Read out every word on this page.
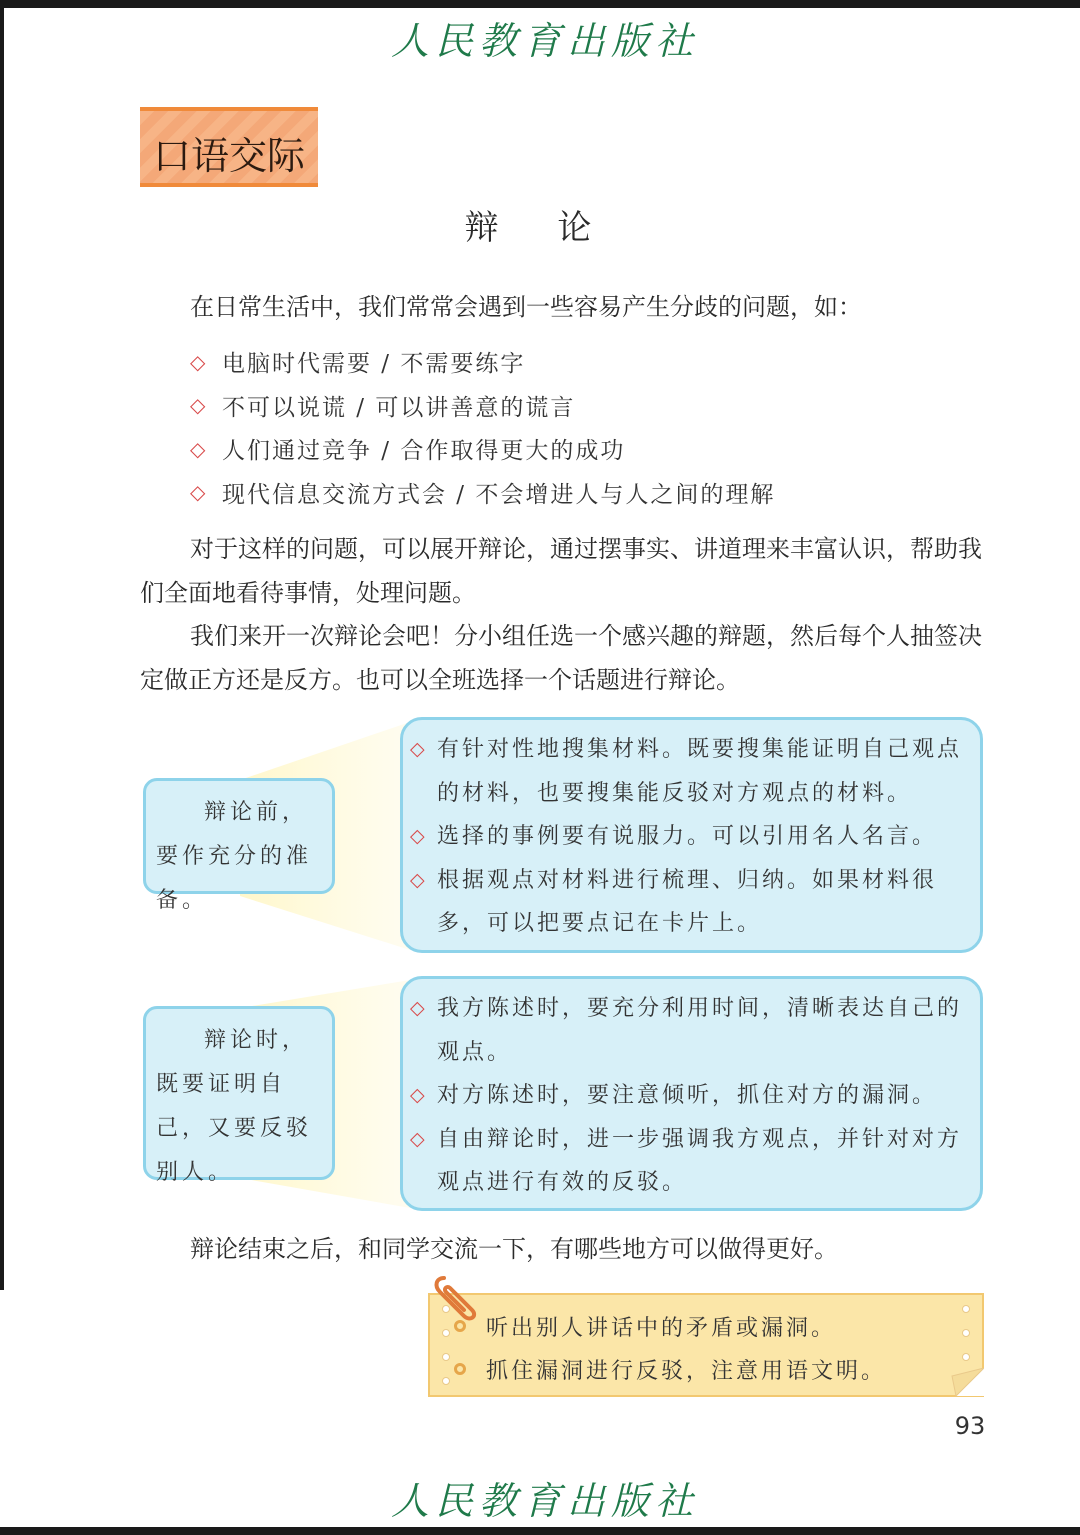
人民教育出版社
口语交际
辩 论
在日常生活中，我们常常会遇到一些容易产生分歧的问题，如：
◇ 电脑时代需要 / 不需要练字
◇ 不可以说谎 / 可以讲善意的谎言
◇ 人们通过竞争 / 合作取得更大的成功
◇ 现代信息交流方式会 / 不会增进人与人之间的理解
对于这样的问题，可以展开辩论，通过摆事实、讲道理来丰富认识，帮助我们全面地看待事情，处理问题。
我们来开一次辩论会吧！分小组任选一个感兴趣的辩题，然后每个人抽签决定做正方还是反方。也可以全班选择一个话题进行辩论。

辩论前，要作充分的准备。

◇ 有针对性地搜集材料。既要搜集能证明自己观点的材料，也要搜集能反驳对方观点的材料。
◇ 选择的事例要有说服力。可以引用名人名言。
◇ 根据观点对材料进行梳理、归纳。如果材料很多，可以把要点记在卡片上。

辩论时，既要证明自己，又要反驳别人。

◇ 我方陈述时，要充分利用时间，清晰表达自己的观点。
◇ 对方陈述时，要注意倾听，抓住对方的漏洞。
◇ 自由辩论时，进一步强调我方观点，并针对对方观点进行有效的反驳。
辩论结束之后，和同学交流一下，有哪些地方可以做得更好。
听出别人讲话中的矛盾或漏洞。
抓住漏洞进行反驳，注意用语文明。
93
人民教育出版社
